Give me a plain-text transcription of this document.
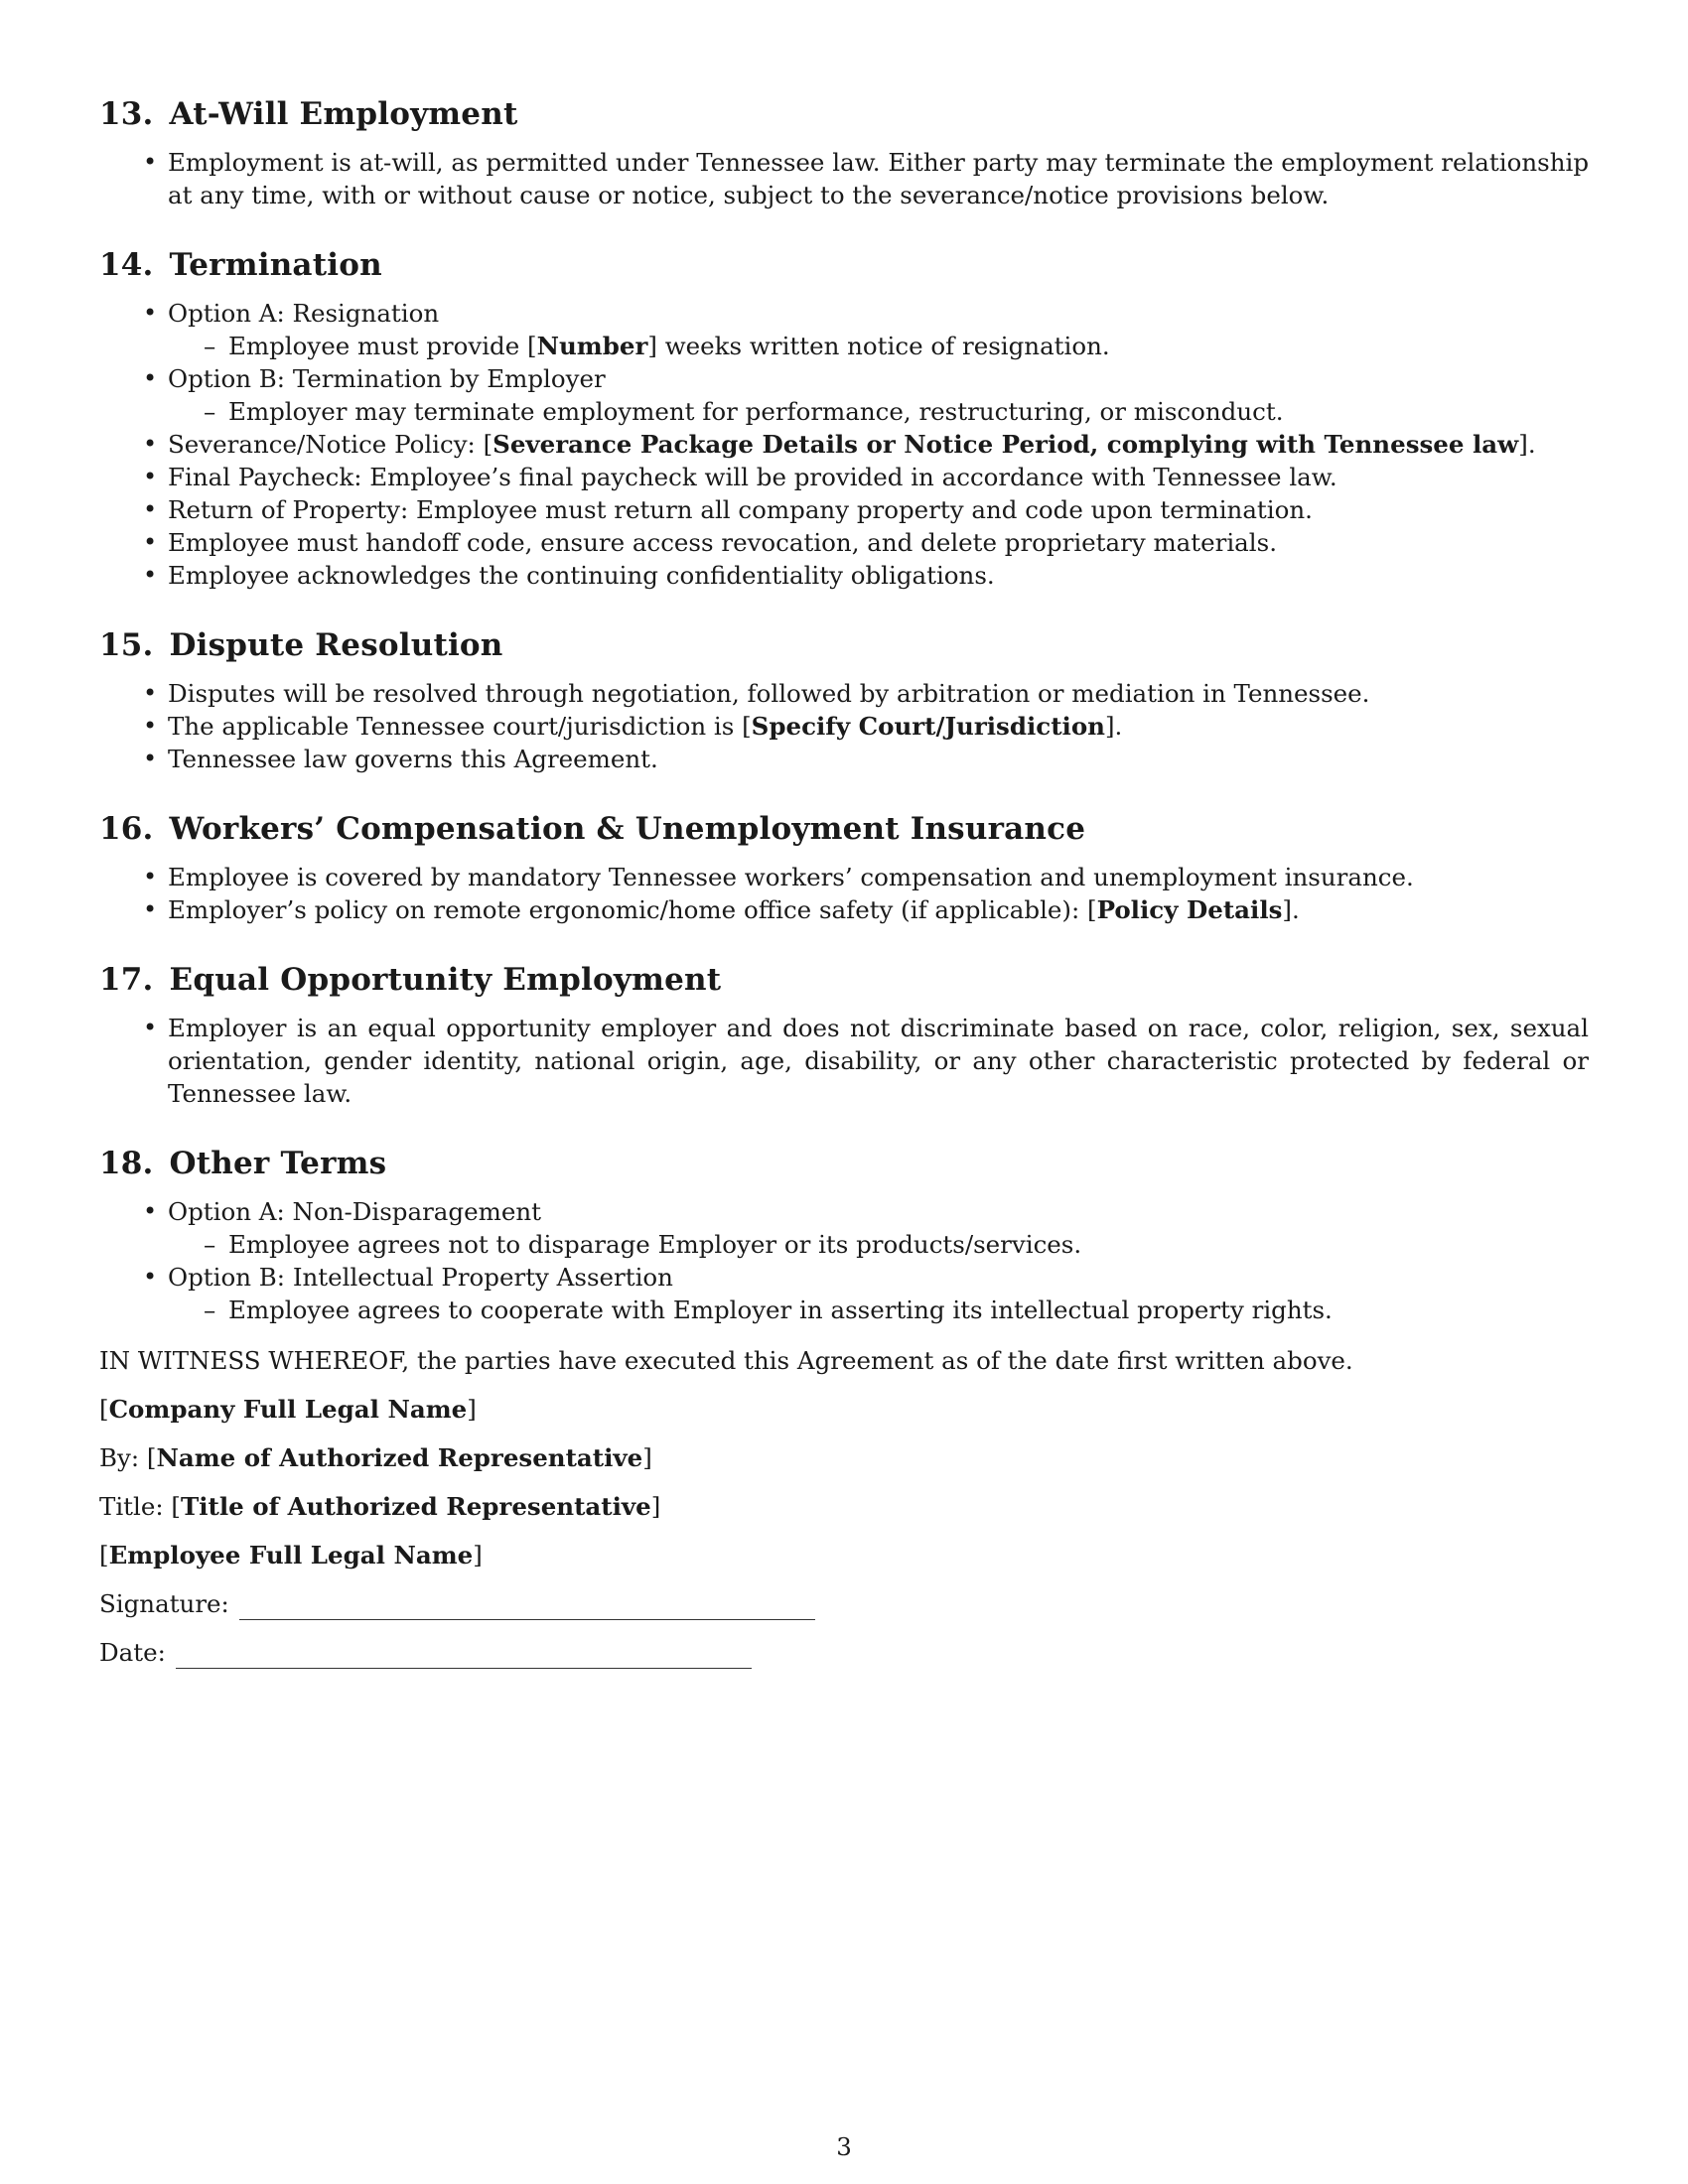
13. At-Will Employment
• Employment is at-will, as permitted under Tennessee law. Either party may terminate the employment relationship at any time, with or without cause or notice, subject to the severance/notice provisions below.
14. Termination
• Option A: Resignation
– Employee must provide [Number] weeks written notice of resignation.
• Option B: Termination by Employer
– Employer may terminate employment for performance, restructuring, or misconduct.
• Severance/Notice Policy: [Severance Package Details or Notice Period, complying with Tennessee law].
• Final Paycheck: Employee’s final paycheck will be provided in accordance with Tennessee law.
• Return of Property: Employee must return all company property and code upon termination.
• Employee must handoff code, ensure access revocation, and delete proprietary materials.
• Employee acknowledges the continuing confidentiality obligations.
15. Dispute Resolution
• Disputes will be resolved through negotiation, followed by arbitration or mediation in Tennessee.
• The applicable Tennessee court/jurisdiction is [Specify Court/Jurisdiction].
• Tennessee law governs this Agreement.
16. Workers’ Compensation & Unemployment Insurance
• Employee is covered by mandatory Tennessee workers’ compensation and unemployment insurance.
• Employer’s policy on remote ergonomic/home office safety (if applicable): [Policy Details].
17. Equal Opportunity Employment
• Employer is an equal opportunity employer and does not discriminate based on race, color, religion, sex, sexual orientation, gender identity, national origin, age, disability, or any other characteristic protected by federal or Tennessee law.
18. Other Terms
• Option A: Non-Disparagement
– Employee agrees not to disparage Employer or its products/services.
• Option B: Intellectual Property Assertion
– Employee agrees to cooperate with Employer in asserting its intellectual property rights.

IN WITNESS WHEREOF, the parties have executed this Agreement as of the date first written above.

[Company Full Legal Name]

By: [Name of Authorized Representative]

Title: [Title of Authorized Representative]

[Employee Full Legal Name]

Signature:

Date:

3
